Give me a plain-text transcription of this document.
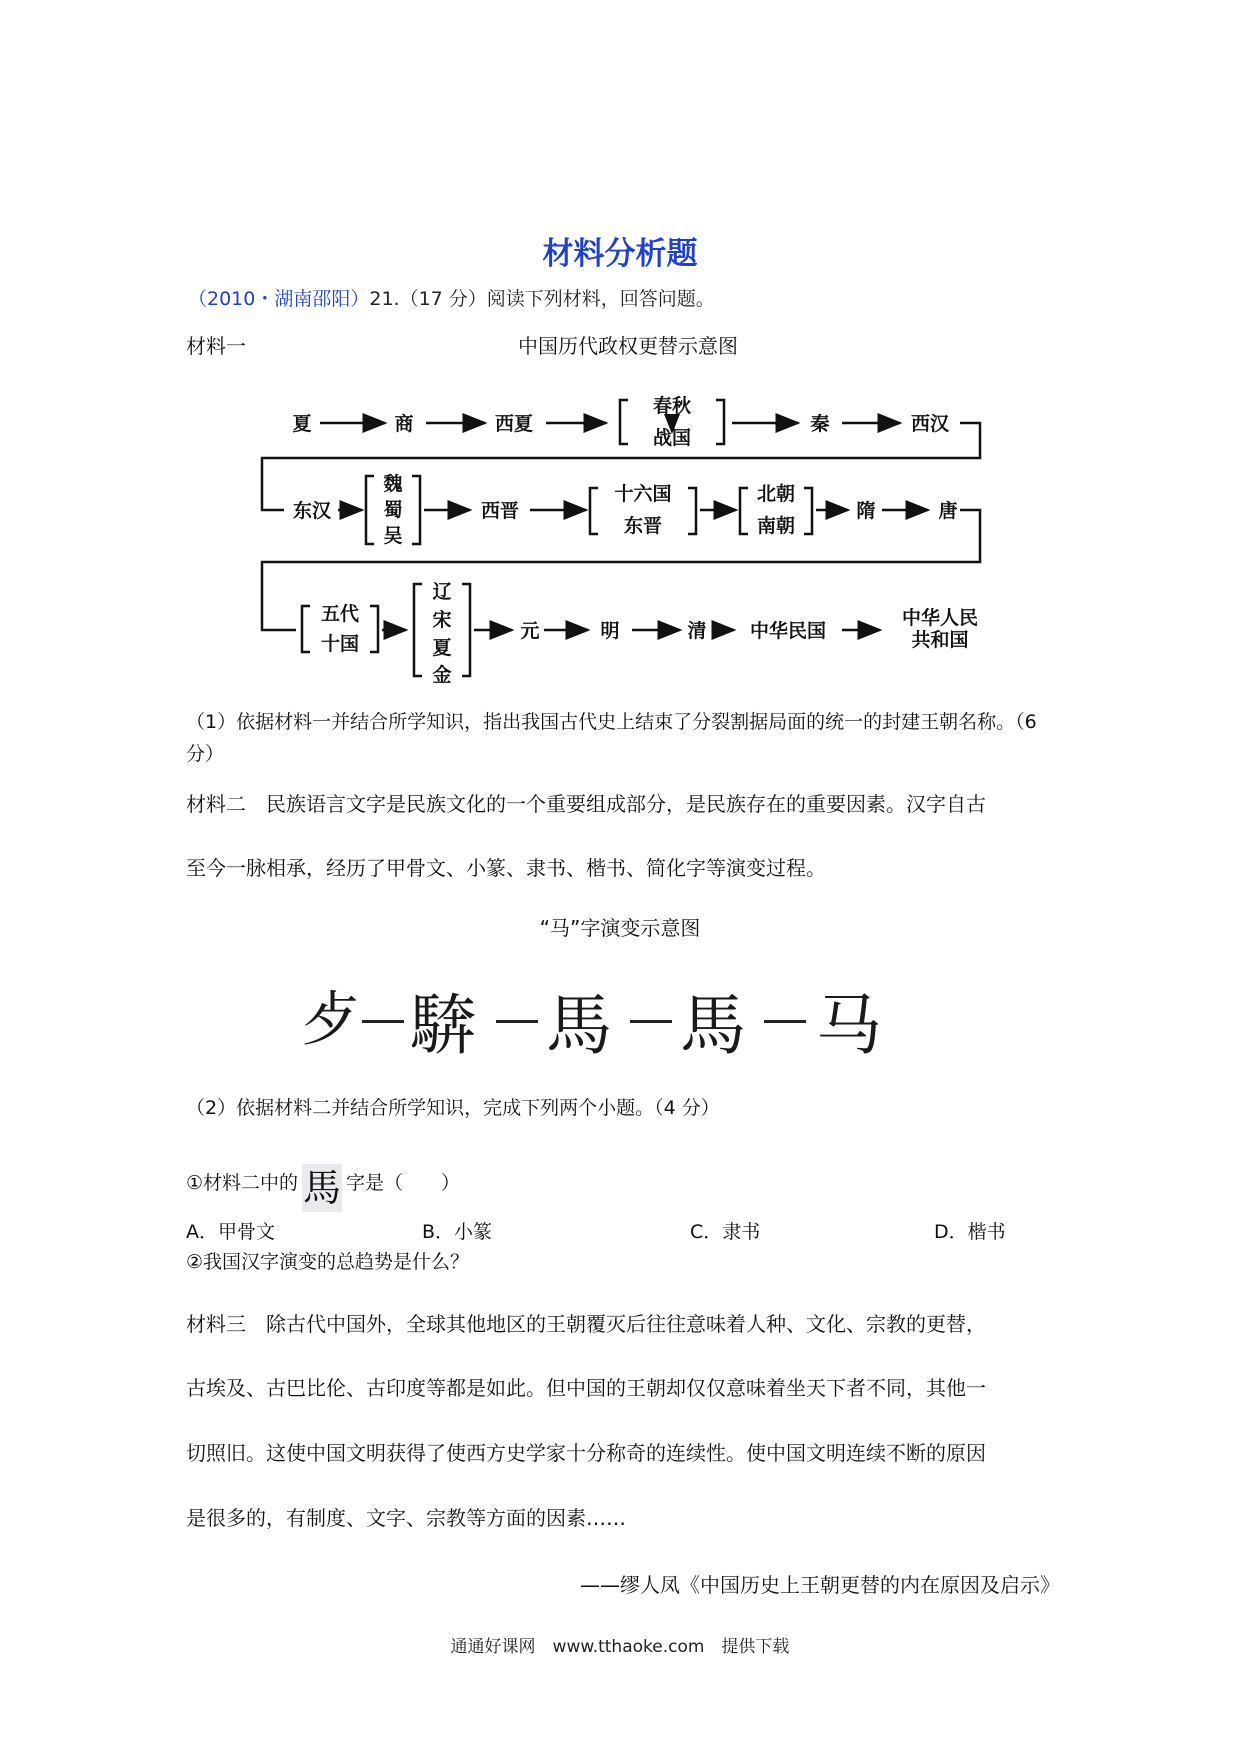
材料分析题
（2010・湖南邵阳）21.（17 分）阅读下列材料，回答问题。
材料一	中国历代政权更替示意图
夏	商	西夏
春秋
战国
秦	西汉
东汉
魏
蜀
吴
西晋
十六国
东晋
北朝
南朝
隋	唐
五代
十国
辽
宋
夏
金
元	明	清 中华民国
中华人民
共和国
（1）依据材料一并结合所学知识，指出我国古代史上结束了分裂割据局面的统一的封建王朝名称。（6 分）
材料二　 民族语言文字是民族文化的一个重要组成部分，是民族存在的重要因素。汉字自古
至今一脉相承，经历了甲骨文、小篆、隶书、楷书、简化字等演变过程。
“马”字演变示意图
⺞ 𩣺 馬 馬 马
（2）依据材料二并结合所学知识，完成下列两个小题。（4 分）
①材料二中的 馬 字是（　　）
A．甲骨文	B．小篆	C．隶书	D．楷书
②我国汉字演变的总趋势是什么？
材料三　 除古代中国外，全球其他地区的王朝覆灭后往往意味着人种、文化、宗教的更替，
古埃及、古巴比伦、古印度等都是如此。但中国的王朝却仅仅意味着坐天下者不同，其他一
切照旧。这使中国文明获得了使西方史学家十分称奇的连续性。使中国文明连续不断的原因
是很多的，有制度、文字、宗教等方面的因素……
——缪人凤《中国历史上王朝更替的内在原因及启示》
通通好课网　www.tthaoke.com　提供下载
